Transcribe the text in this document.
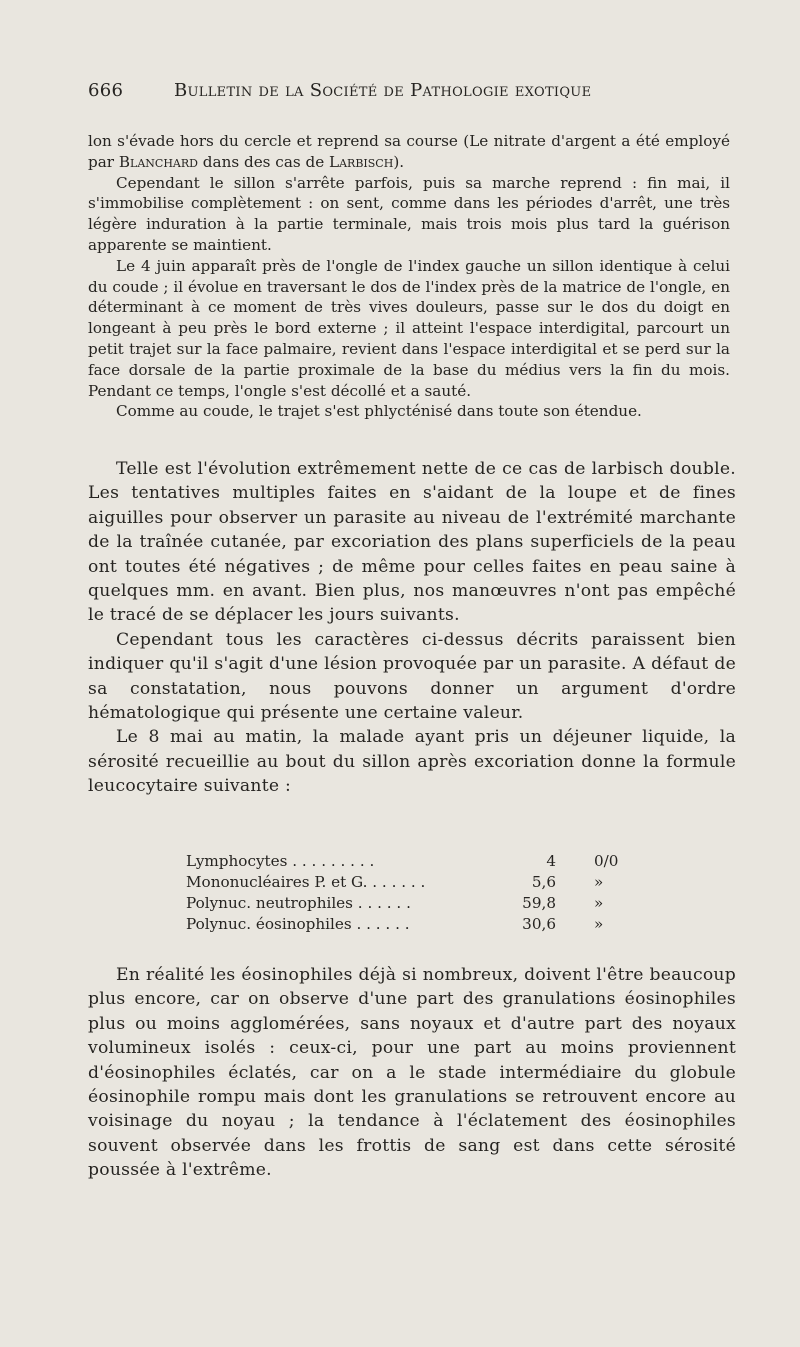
666	Bulletin de la Société de Pathologie exotique

lon s'évade hors du cercle et reprend sa course (Le nitrate d'argent a été employé par Blanchard dans des cas de Larbisch).

Cependant le sillon s'arrête parfois, puis sa marche reprend : fin mai, il s'immobilise complètement : on sent, comme dans les périodes d'arrêt, une très légère induration à la partie terminale, mais trois mois plus tard la guérison apparente se maintient.

Le 4 juin apparaît près de l'ongle de l'index gauche un sillon identique à celui du coude ; il évolue en traversant le dos de l'index près de la matrice de l'ongle, en déterminant à ce moment de très vives douleurs, passe sur le dos du doigt en longeant à peu près le bord externe ; il atteint l'espace interdigital, parcourt un petit trajet sur la face palmaire, revient dans l'espace interdigital et se perd sur la face dorsale de la partie proximale de la base du médius vers la fin du mois. Pendant ce temps, l'ongle s'est décollé et a sauté.

Comme au coude, le trajet s'est phlycténisé dans toute son étendue.

Telle est l'évolution extrêmement nette de ce cas de larbisch double. Les tentatives multiples faites en s'aidant de la loupe et de fines aiguilles pour observer un parasite au niveau de l'extrémité marchante de la traînée cutanée, par excoriation des plans superficiels de la peau ont toutes été négatives ; de même pour celles faites en peau saine à quelques mm. en avant. Bien plus, nos manœuvres n'ont pas empêché le tracé de se déplacer les jours suivants.

Cependant tous les caractères ci-dessus décrits paraissent bien indiquer qu'il s'agit d'une lésion provoquée par un parasite. A défaut de sa constatation, nous pouvons donner un argument d'ordre hématologique qui présente une certaine valeur.

Le 8 mai au matin, la malade ayant pris un déjeuner liquide, la sérosité recueillie au bout du sillon après excoriation donne la formule leucocytaire suivante :

Lymphocytes . . . . . . . . .	4	0/0
Mononucléaires P. et G. . . . . . .	5,6	»
Polynuc. neutrophiles . . . . . .	59,8	»
Polynuc. éosinophiles . . . . . .	30,6	»

En réalité les éosinophiles déjà si nombreux, doivent l'être beaucoup plus encore, car on observe d'une part des granulations éosinophiles plus ou moins agglomérées, sans noyaux et d'autre part des noyaux volumineux isolés : ceux-ci, pour une part au moins proviennent d'éosinophiles éclatés, car on a le stade intermédiaire du globule éosinophile rompu mais dont les granulations se retrouvent encore au voisinage du noyau ; la tendance à l'éclatement des éosinophiles souvent observée dans les frottis de sang est dans cette sérosité poussée à l'extrême.
